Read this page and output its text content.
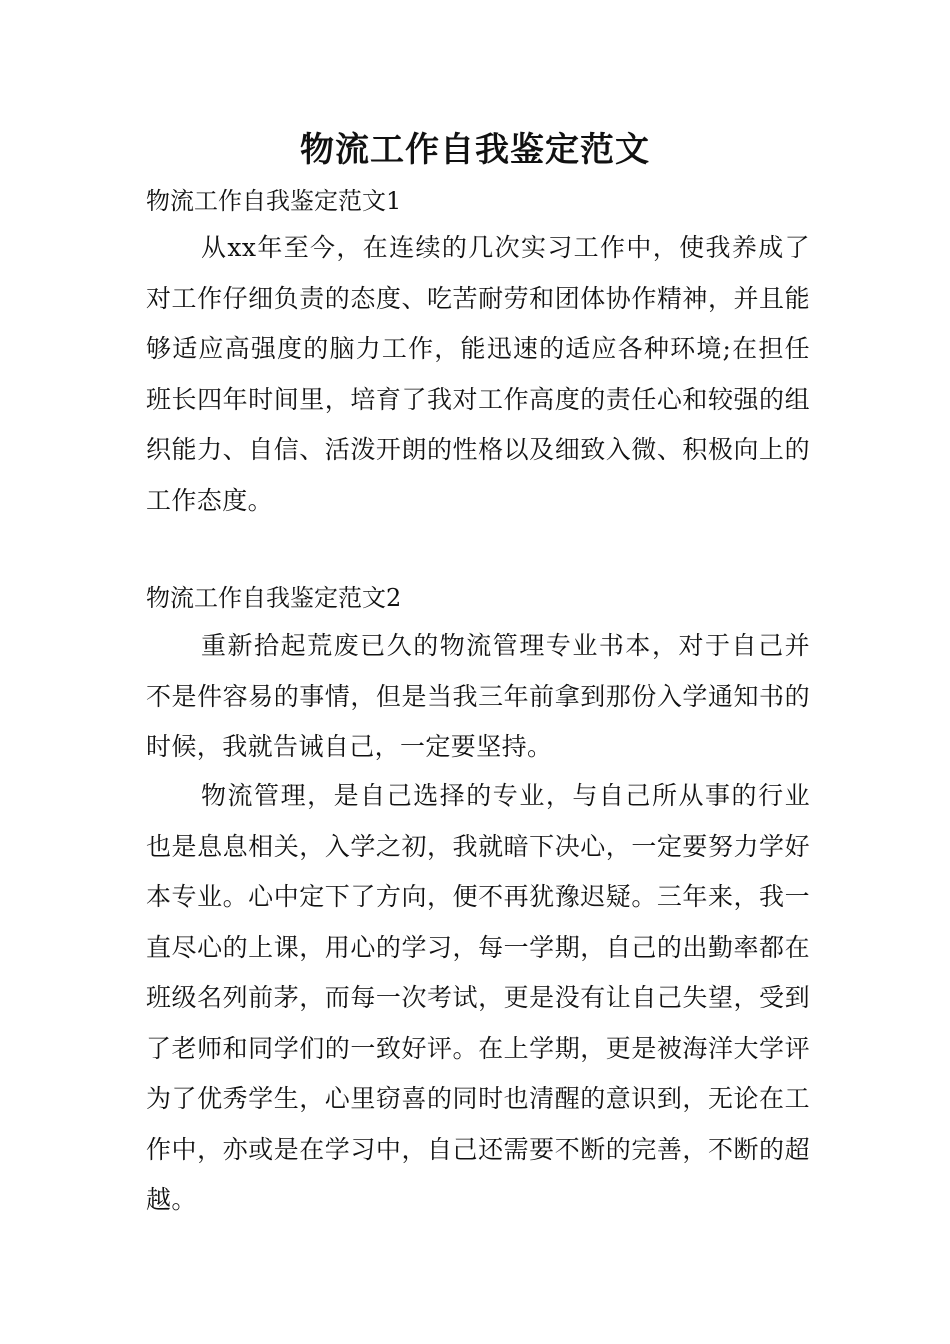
物流工作自我鉴定范文
物流工作自我鉴定范文1
从xx年至今，在连续的几次实习工作中，使我养成了对工作仔细负责的态度、吃苦耐劳和团体协作精神，并且能够适应高强度的脑力工作，能迅速的适应各种环境;在担任班长四年时间里，培育了我对工作高度的责任心和较强的组织能力、自信、活泼开朗的性格以及细致入微、积极向上的工作态度。
物流工作自我鉴定范文2
重新拾起荒废已久的物流管理专业书本，对于自己并不是件容易的事情，但是当我三年前拿到那份入学通知书的时候，我就告诫自己，一定要坚持。
物流管理，是自己选择的专业，与自己所从事的行业也是息息相关，入学之初，我就暗下决心，一定要努力学好本专业。心中定下了方向，便不再犹豫迟疑。三年来，我一直尽心的上课，用心的学习，每一学期，自己的出勤率都在班级名列前茅，而每一次考试，更是没有让自己失望，受到了老师和同学们的一致好评。在上学期，更是被海洋大学评为了优秀学生，心里窃喜的同时也清醒的意识到，无论在工作中，亦或是在学习中，自己还需要不断的完善，不断的超越。
